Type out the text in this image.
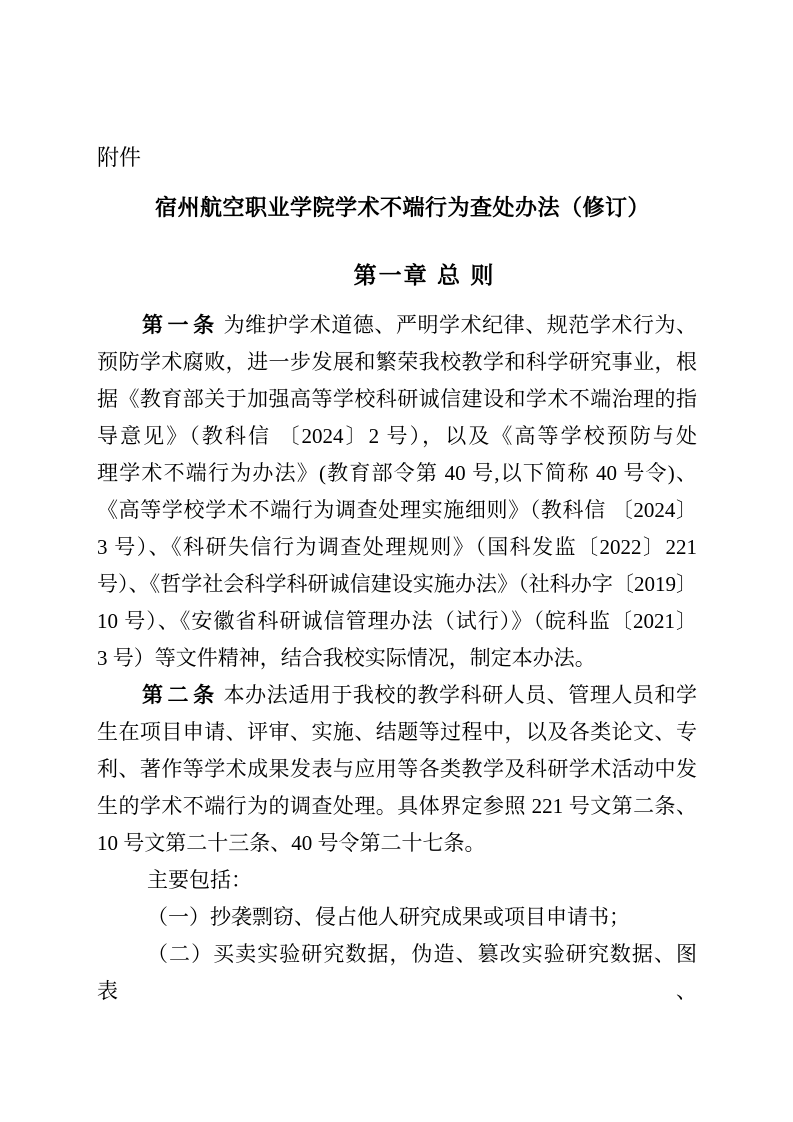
附件
宿州航空职业学院学术不端行为查处办法（修订）
第一章 总 则
第一条 为维护学术道德、严明学术纪律、规范学术行为、
预防学术腐败，进一步发展和繁荣我校教学和科学研究事业，根
据《教育部关于加强高等学校科研诚信建设和学术不端治理的指
导意见》（教科信 〔2024〕2 号），以及《高等学校预防与处
理学术不端行为办法》(教育部令第 40 号,以下简称 40 号令)、
《高等学校学术不端行为调查处理实施细则》（教科信 〔2024〕
3 号）、《科研失信行为调查处理规则》（国科发监〔2022〕221
号）、《哲学社会科学科研诚信建设实施办法》（社科办字〔2019〕
10 号）、《安徽省科研诚信管理办法（试行）》（皖科监〔2021〕
3 号）等文件精神，结合我校实际情况，制定本办法。
第二条 本办法适用于我校的教学科研人员、管理人员和学
生在项目申请、评审、实施、结题等过程中，以及各类论文、专
利、著作等学术成果发表与应用等各类教学及科研学术活动中发
生的学术不端行为的调查处理。具体界定参照 221 号文第二条、
10 号文第二十三条、40 号令第二十七条。
主要包括：
（一）抄袭剽窃、侵占他人研究成果或项目申请书；
（二）买卖实验研究数据，伪造、篡改实验研究数据、图表、
